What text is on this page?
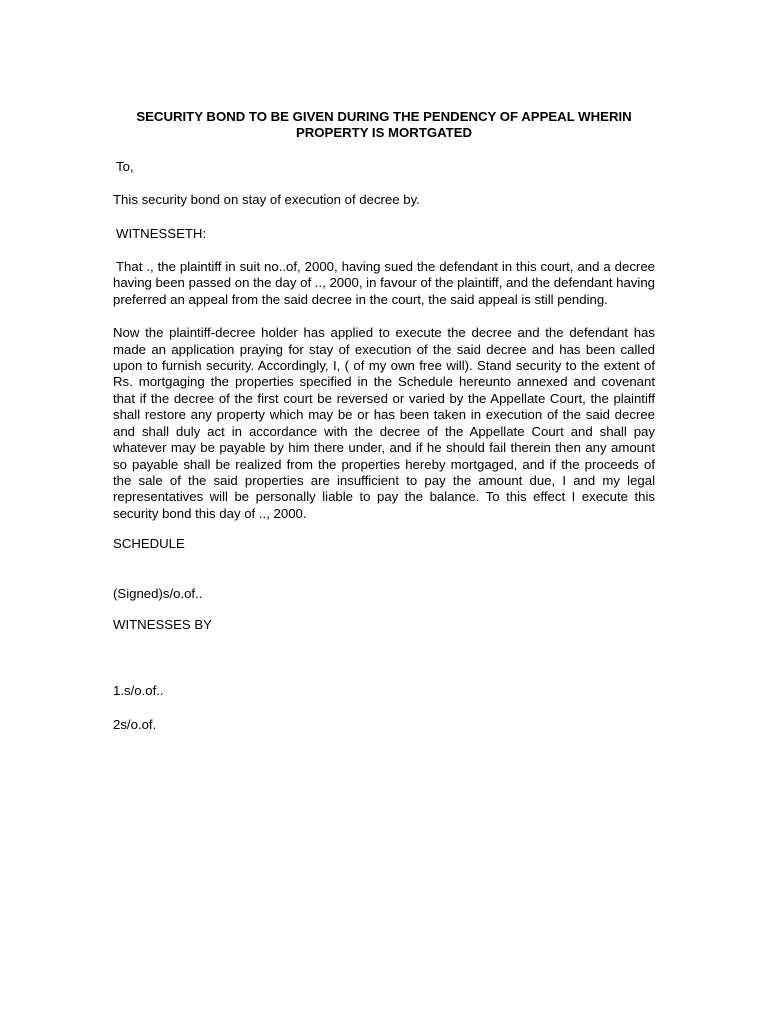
SECURITY BOND TO BE GIVEN DURING THE PENDENCY OF APPEAL WHERIN
PROPERTY IS MORTGATED

To,

This security bond on stay of execution of decree by.

WITNESSETH:

That ., the plaintiff in suit no..of, 2000, having sued the defendant in this court, and a decree having been passed on the day of .., 2000, in favour of the plaintiff, and the defendant having preferred an appeal from the said decree in the court, the said appeal is still pending.

Now the plaintiff-decree holder has applied to execute the decree and the defendant has made an application praying for stay of execution of the said decree and has been called upon to furnish security. Accordingly, I, ( of my own free will). Stand security to the extent of Rs. mortgaging the properties specified in the Schedule hereunto annexed and covenant that if the decree of the first court be reversed or varied by the Appellate Court, the plaintiff shall restore any property which may be or has been taken in execution of the said decree and shall duly act in accordance with the decree of the Appellate Court and shall pay whatever may be payable by him there under, and if he should fail therein then any amount so payable shall be realized from the properties hereby mortgaged, and if the proceeds of the sale of the said properties are insufficient to pay the amount due, I and my legal representatives will be personally liable to pay the balance. To this effect I execute this security bond this day of .., 2000.

SCHEDULE

(Signed)s/o.of..

WITNESSES BY

1.s/o.of..

2s/o.of.
